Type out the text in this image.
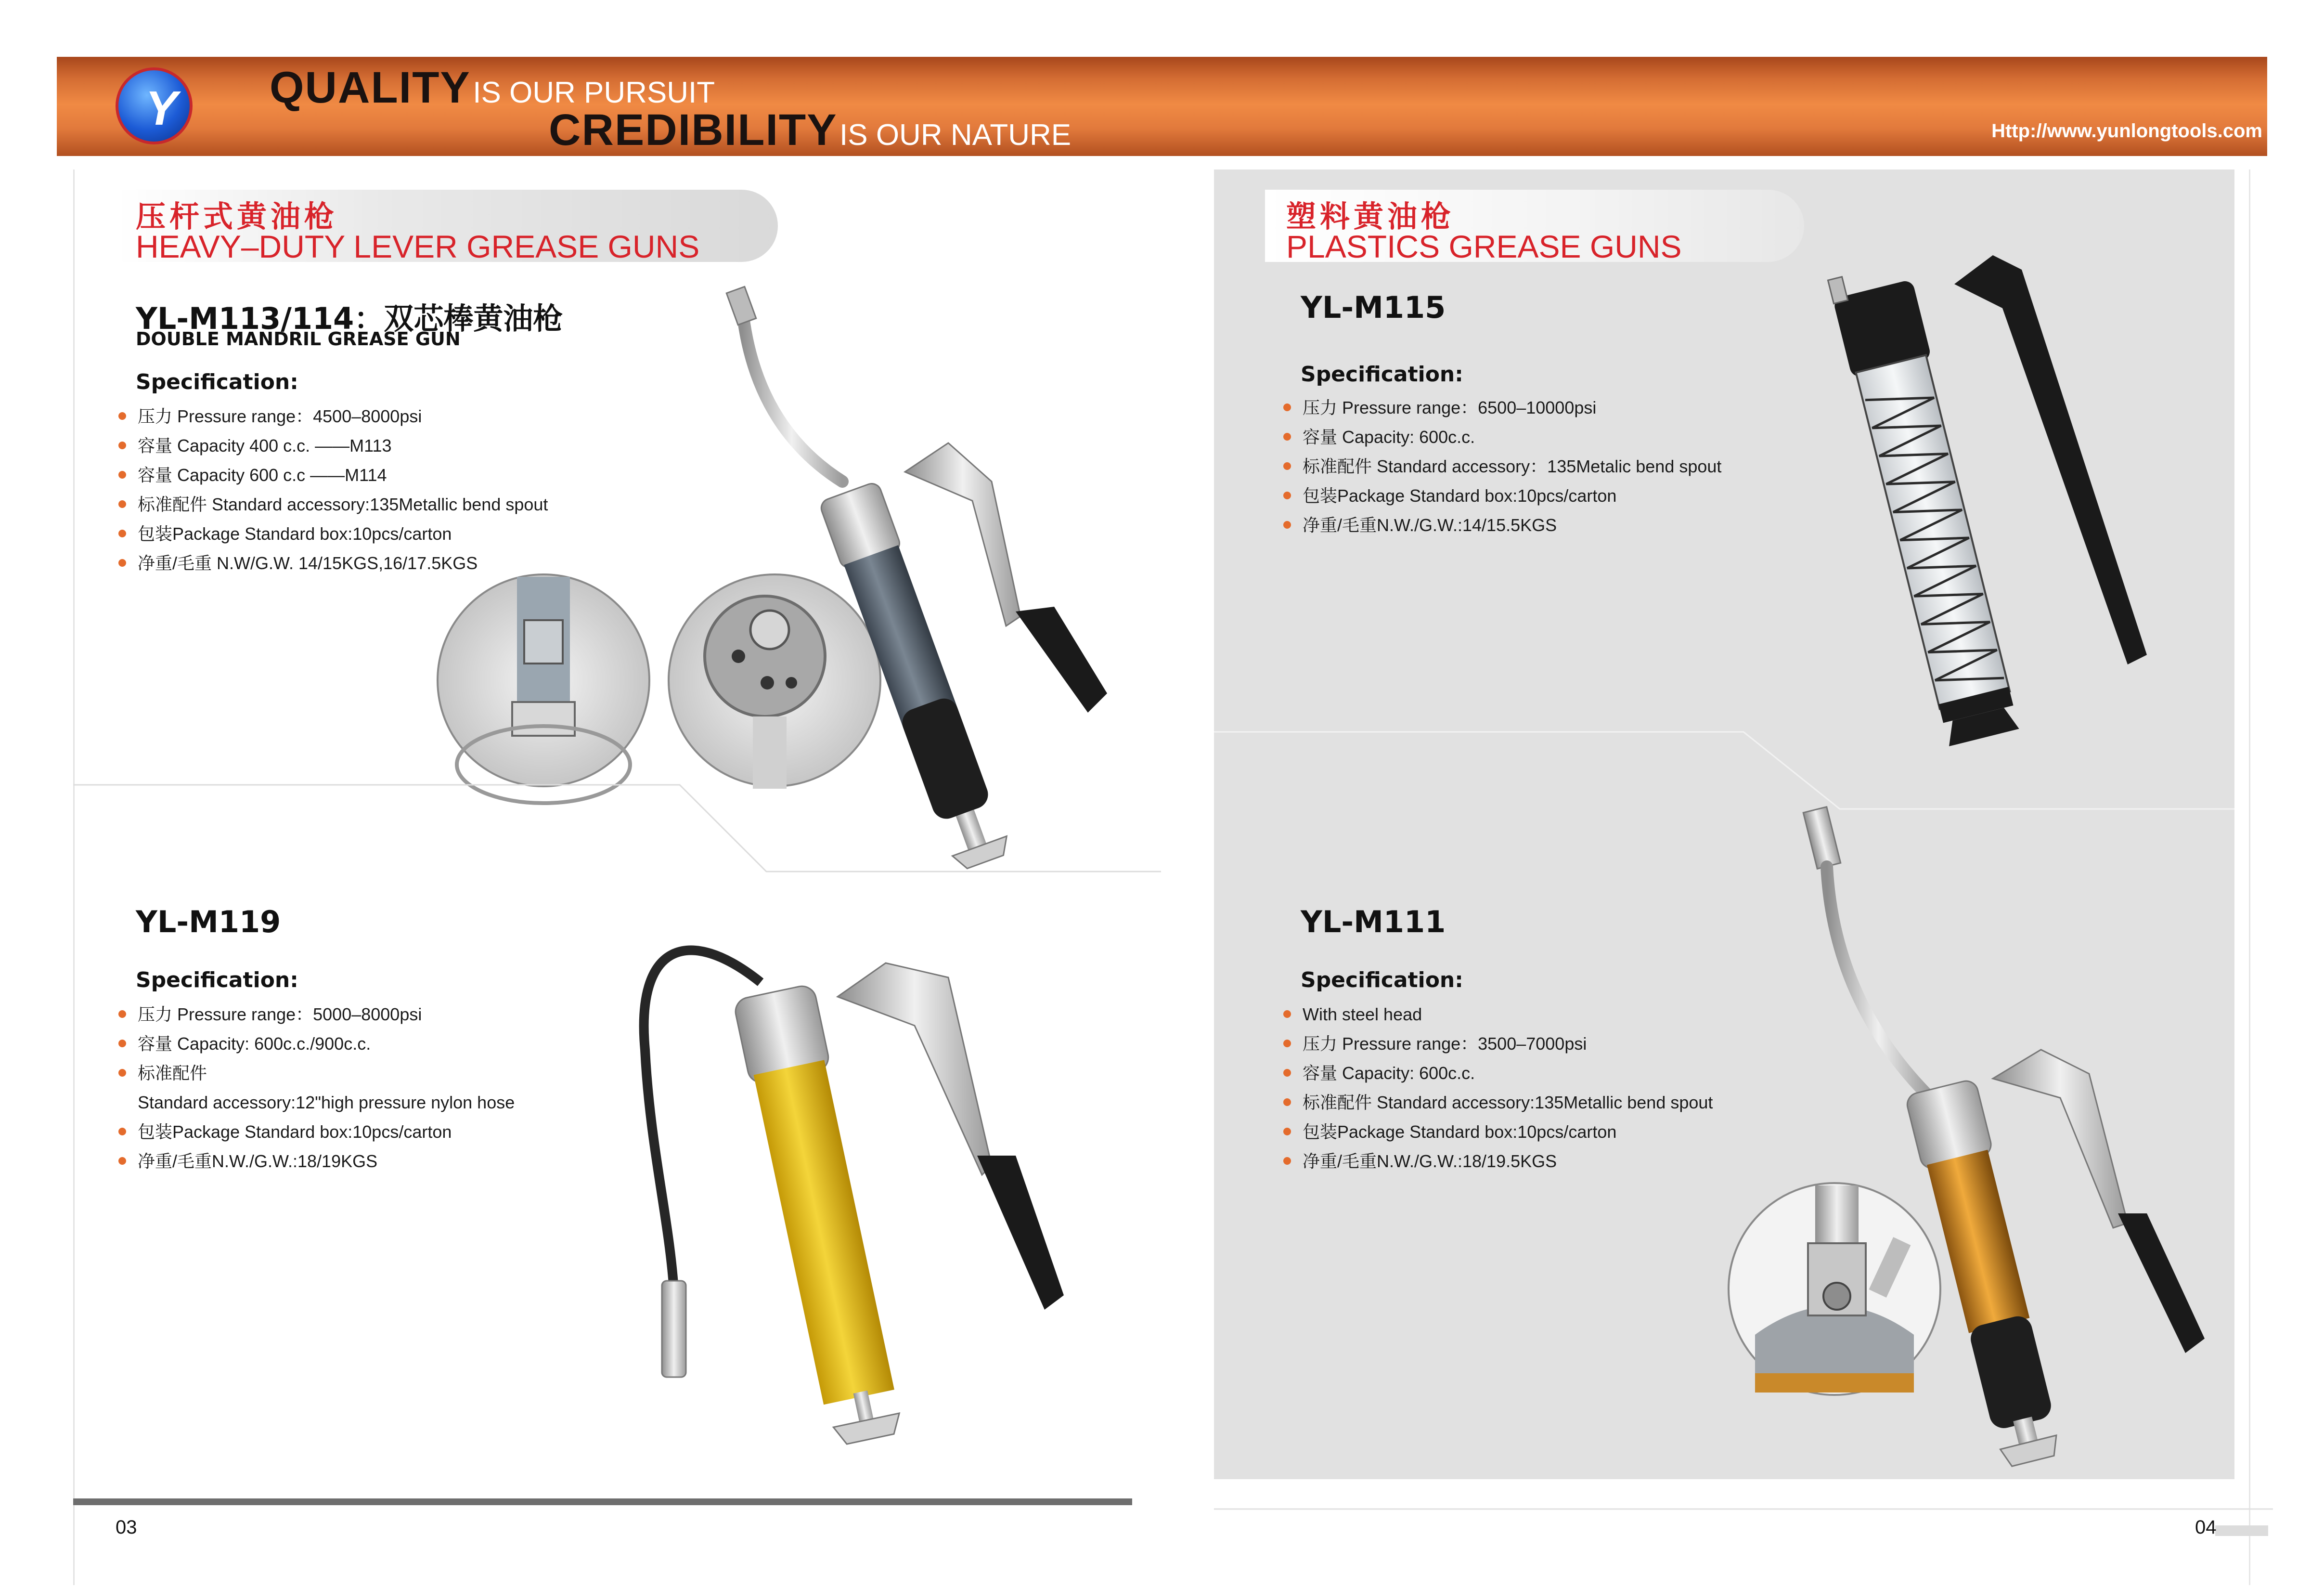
Y QUALITY IS OUR PURSUIT
CREDIBILITY IS OUR NATURE	Http://www.yunlongtools.com
压杆式黄油枪
HEAVY–DUTY LEVER GREASE GUNS
YL-M113/114：双芯棒黄油枪
DOUBLE MANDRIL GREASE GUN
Specification:
压力 Pressure range：4500–8000psi
容量 Capacity 400 c.c. ——M113
容量 Capacity 600 c.c ——M114
标准配件 Standard accessory:135Metallic bend spout
包装Package Standard box:10pcs/carton
净重/毛重 N.W/G.W. 14/15KGS,16/17.5KGS
YL-M119
Specification:
压力 Pressure range：5000–8000psi
容量 Capacity: 600c.c./900c.c.
标准配件
Standard accessory:12"high pressure nylon hose
包装Package Standard box:10pcs/carton
净重/毛重N.W./G.W.:18/19KGS
03
塑料黄油枪
PLASTICS GREASE GUNS
YL-M115
Specification:
压力 Pressure range：6500–10000psi
容量 Capacity: 600c.c.
标准配件 Standard accessory：135Metalic bend spout
包装Package Standard box:10pcs/carton
净重/毛重N.W./G.W.:14/15.5KGS
YL-M111
Specification:
With steel head
压力 Pressure range：3500–7000psi
容量 Capacity: 600c.c.
标准配件 Standard accessory:135Metallic bend spout
包装Package Standard box:10pcs/carton
净重/毛重N.W./G.W.:18/19.5KGS
04
